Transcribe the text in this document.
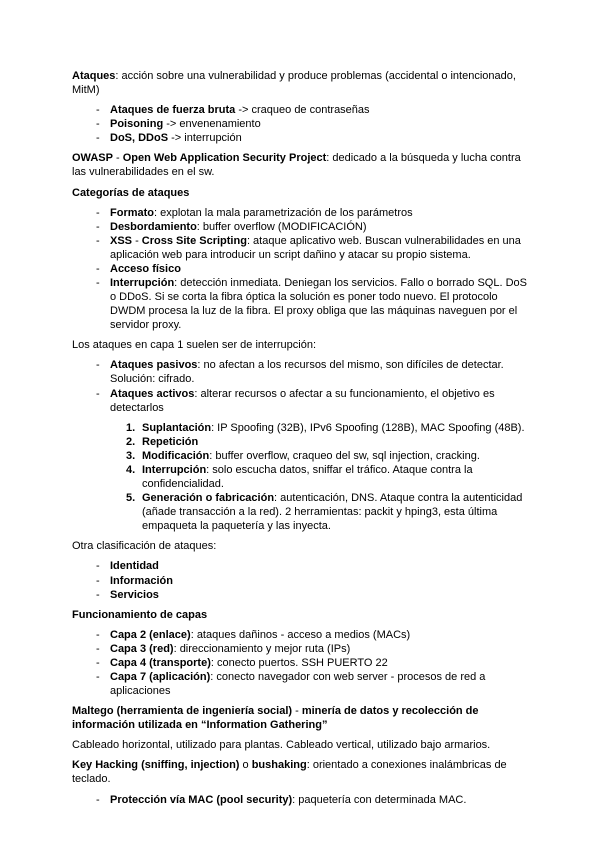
Ataques: acción sobre una vulnerabilidad y produce problemas (accidental o intencionado, MitM)
- Ataques de fuerza bruta -> craqueo de contraseñas
- Poisoning -> envenenamiento
- DoS, DDoS -> interrupción
OWASP - Open Web Application Security Project: dedicado a la búsqueda y lucha contra las vulnerabilidades en el sw.
Categorías de ataques
- Formato: explotan la mala parametrización de los parámetros
- Desbordamiento: buffer overflow (MODIFICACIÓN)
- XSS - Cross Site Scripting: ataque aplicativo web. Buscan vulnerabilidades en una aplicación web para introducir un script dañino y atacar su propio sistema.
- Acceso físico
- Interrupción: detección inmediata. Deniegan los servicios. Fallo o borrado SQL. DoS o DDoS. Si se corta la fibra óptica la solución es poner todo nuevo. El protocolo DWDM procesa la luz de la fibra. El proxy obliga que las máquinas naveguen por el servidor proxy.
Los ataques en capa 1 suelen ser de interrupción:
- Ataques pasivos: no afectan a los recursos del mismo, son difíciles de detectar. Solución: cifrado.
- Ataques activos: alterar recursos o afectar a su funcionamiento, el objetivo es detectarlos
1. Suplantación: IP Spoofing (32B), IPv6 Spoofing (128B), MAC Spoofing (48B).
2. Repetición
3. Modificación: buffer overflow, craqueo del sw, sql injection, cracking.
4. Interrupción: solo escucha datos, sniffar el tráfico. Ataque contra la confidencialidad.
5. Generación o fabricación: autenticación, DNS. Ataque contra la autenticidad (añade transacción a la red). 2 herramientas: packit y hping3, esta última empaqueta la paquetería y las inyecta.
Otra clasificación de ataques:
- Identidad
- Información
- Servicios
Funcionamiento de capas
- Capa 2 (enlace): ataques dañinos - acceso a medios (MACs)
- Capa 3 (red): direccionamiento y mejor ruta (IPs)
- Capa 4 (transporte): conecto puertos. SSH PUERTO 22
- Capa 7 (aplicación): conecto navegador con web server - procesos de red a aplicaciones
Maltego (herramienta de ingeniería social) - minería de datos y recolección de información utilizada en “Information Gathering”
Cableado horizontal, utilizado para plantas. Cableado vertical, utilizado bajo armarios.
Key Hacking (sniffing, injection) o bushaking: orientado a conexiones inalámbricas de teclado.
- Protección vía MAC (pool security): paquetería con determinada MAC.
